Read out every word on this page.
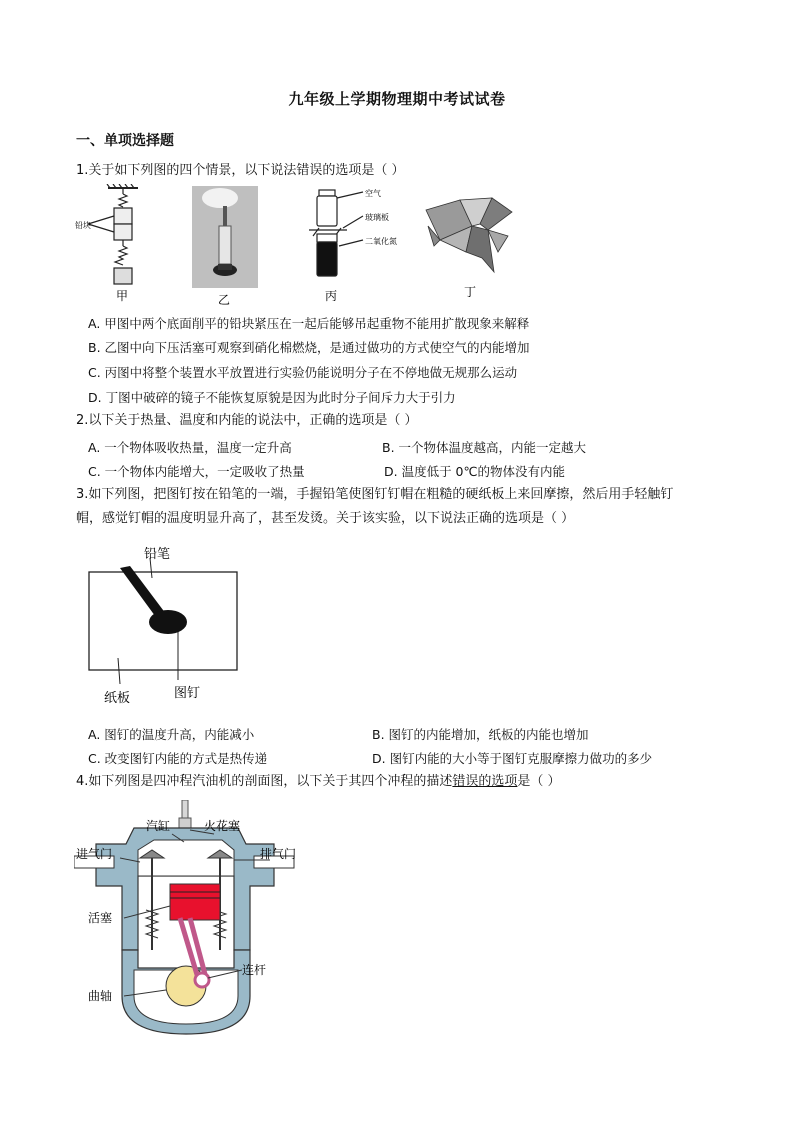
九年级上学期物理期中考试试卷
一、单项选择题
1.关于如下列图的四个情景，以下说法错误的选项是（ ）
铅块
甲	乙
空气
玻璃板
二氧化氮
丙	丁
A. 甲图中两个底面削平的铅块紧压在一起后能够吊起重物不能用扩散现象来解释
B. 乙图中向下压活塞可观察到硝化棉燃烧，是通过做功的方式使空气的内能增加
C. 丙图中将整个装置水平放置进行实验仍能说明分子在不停地做无规那么运动
D. 丁图中破碎的镜子不能恢复原貌是因为此时分子间斥力大于引力
2.以下关于热量、温度和内能的说法中，正确的选项是（ ）
A. 一个物体吸收热量，温度一定升高	B. 一个物体温度越高，内能一定越大
C. 一个物体内能增大，一定吸收了热量	D. 温度低于 0℃的物体没有内能
3.如下列图，把图钉按在铅笔的一端，手握铅笔使图钉钉帽在粗糙的硬纸板上来回摩擦，然后用手轻触钉
帽，感觉钉帽的温度明显升高了，甚至发烫。关于该实验，以下说法正确的选项是（ ）
铅笔
纸板	图钉
A. 图钉的温度升高，内能减小	B. 图钉的内能增加，纸板的内能也增加
C. 改变图钉内能的方式是热传递	D. 图钉内能的大小等于图钉克服摩擦力做功的多少
4.如下列图是四冲程汽油机的剖面图，以下关于其四个冲程的描述错误的选项是（ ）
汽缸	火花塞
进气门	排气门
活塞
连杆
曲轴
